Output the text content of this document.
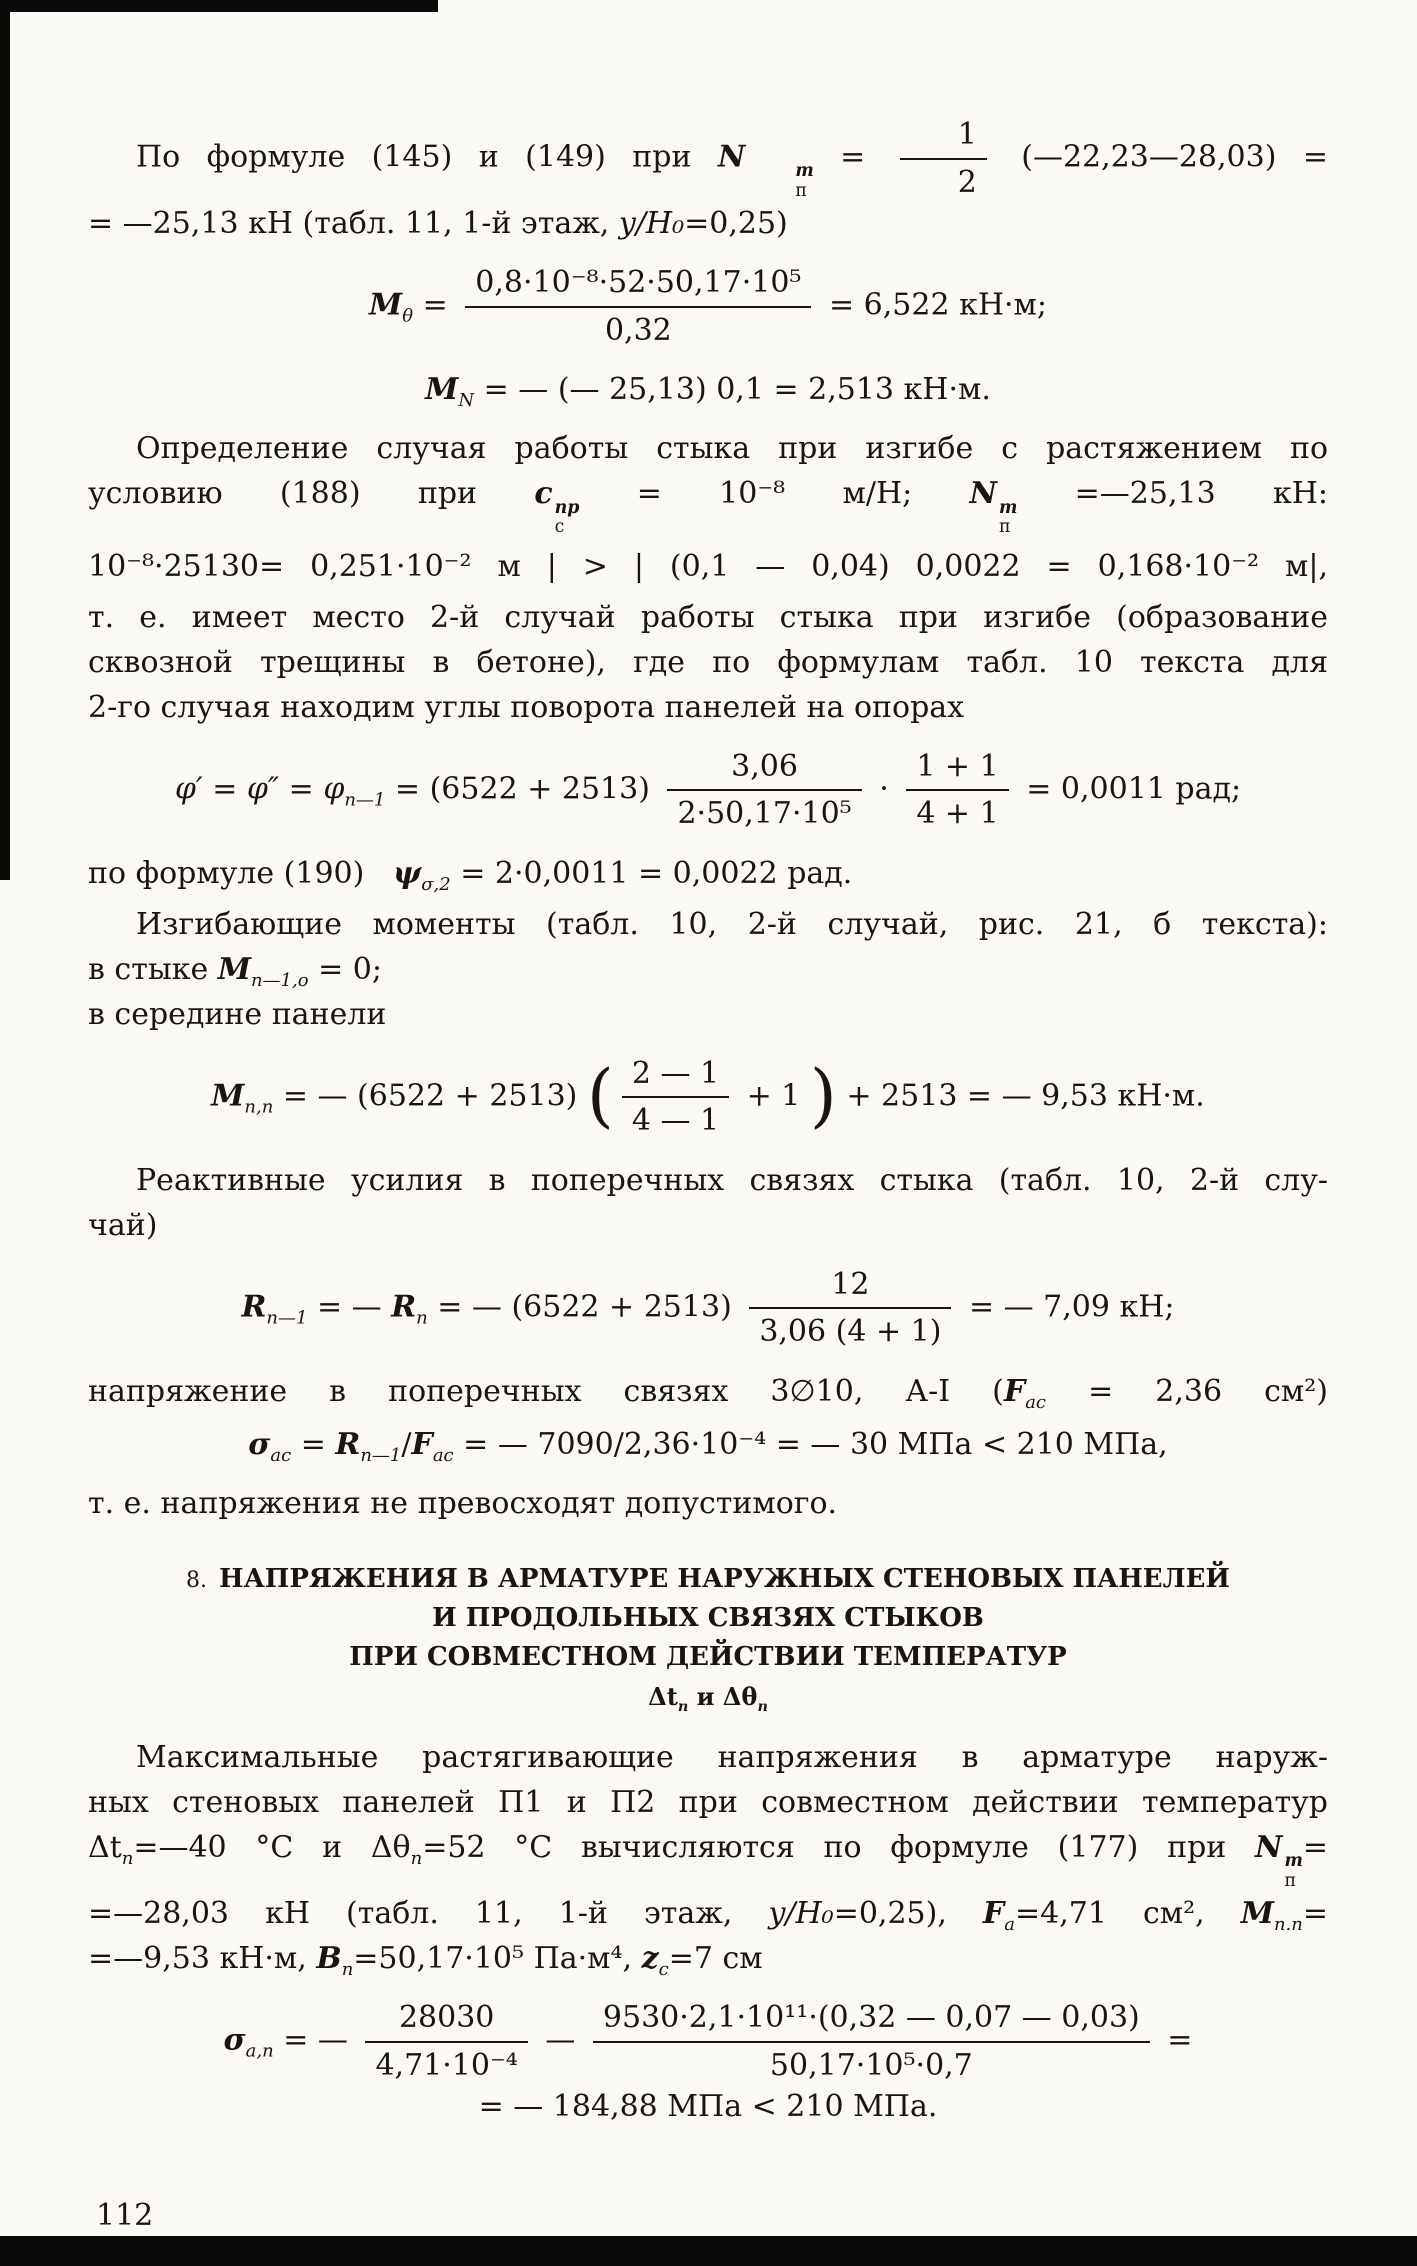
По формуле (145) и (149) при N	m
п
= $\frac{1}{2}$ (—22,23—28,03) =
= —25,13 кН (табл. 11, 1-й этаж, y/H₀=0,25)
$M_\theta = \frac{\text{0,8·10⁻⁸·52·50,17·10⁵}}{0,32} = 6,522$ кН·м;
$M_N$ = — (— 25,13) 0,1 = 2,513 кН·м.
Определение случая работы стыка при изгибе с растяжением по
условию (188) при c пр
с
= 10⁻⁸ м/Н; N m
п
=—25,13 кН:
10⁻⁸·25130= 0,251·10⁻² м | > | (0,1 — 0,04) 0,0022 = 0,168·10⁻² м|,
т. е. имеет место 2-й случай работы стыка при изгибе (образование
сквозной трещины в бетоне), где по формулам табл. 10 текста для
2-го случая находим углы поворота панелей на опорах
$\varphi' = \varphi'' = \varphi_{n—1} = (6522 + 2513) \frac{3,06}{\text{2·50,17·10⁵}} \cdot \frac{1 + 1}{4 + 1} = 0,0011$ рад;
по формуле (190)   $\psi_{\sigma,2} = 2\cdot 0,0011 = 0,0022$ рад.
Изгибающие моменты (табл. 10, 2-й случай, рис. 21, б текста):
в стыке $M_{n—1,о} = 0$;
в середине панели
$M_{n,п}$ = — (6522 + 2513) ( $\frac{2 — 1}{4 — 1} + 1$ ) + 2513 = — 9,53 кН·м.
Реактивные усилия в поперечных связях стыка (табл. 10, 2-й слу-
чай)
$R_{n—1}$ = — $R_n$ = — $(6522 + 2513) \frac{12}{3,06 (4 + 1)}$ = — 7,09 кН;
напряжение в поперечных связях 3∅10, А-I ($F_{ас} = 2,36$ см²)
$\sigma_{ас} = R_{n—1}/F_{ас}$ = — 7090/2,36·10⁻⁴ = — 30 МПа < 210 МПа,
т. е. напряжения не превосходят допустимого.
8. НАПРЯЖЕНИЯ В АРМАТУРЕ НАРУЖНЫХ СТЕНОВЫХ ПАНЕЛЕЙ
И ПРОДОЛЬНЫХ СВЯЗЯХ СТЫКОВ
ПРИ СОВМЕСТНОМ ДЕЙСТВИИ ТЕМПЕРАТУР
$\Delta t_п$ и $\Delta\theta_п$
Максимальные растягивающие напряжения в арматуре наруж-
ных стеновых панелей П1 и П2 при совместном действии температур
$\Delta t_п=—40$ °С и $\Delta\theta_п=52$ °С вычисляются по формуле (177) при N m
п
=
=—28,03 кН (табл. 11, 1-й этаж, y/H₀=0,25), $F_а=4,71$ см², $M_{п.п}=$
=—9,53 кН·м, $B_п=50,17\cdot 10^5$ Па·м⁴, $z_с=7$ см
$\sigma_{а,п}$ = — $\frac{28030}{\text{4,71·10⁻⁴}}$ — $\frac{\text{9530·2,1·10¹¹·(0,32 — 0,07 — 0,03)}}{\text{50,17·10⁵·0,7}}$ =
= — 184,88 МПа < 210 МПа.
112
